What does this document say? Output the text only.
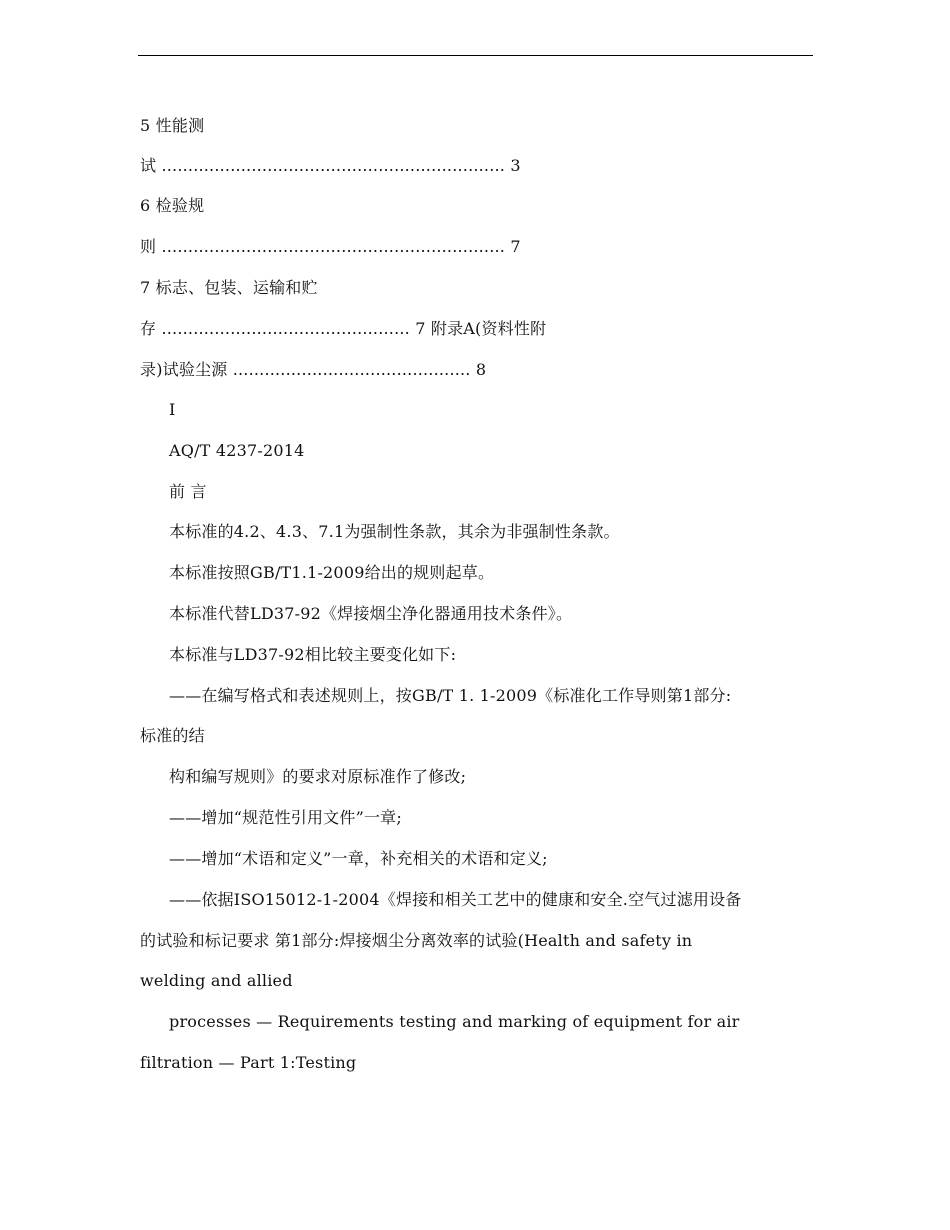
5 性能测
试 ................................................................. 3
6 检验规
则 ................................................................. 7
7 标志、包装、运输和贮
存 ............................................... 7 附录A(资料性附
录)试验尘源 ............................................. 8
I
AQ/T 4237-2014
前 言
本标准的4.2、4.3、7.1为强制性条款，其余为非强制性条款。
本标准按照GB/T1.1-2009给出的规则起草。
本标准代替LD37-92《焊接烟尘净化器通用技术条件》。
本标准与LD37-92相比较主要变化如下:
——在编写格式和表述规则上，按GB/T 1. 1-2009《标准化工作导则第1部分:
标准的结
构和编写规则》的要求对原标准作了修改;
——增加“规范性引用文件”一章;
——增加“术语和定义”一章，补充相关的术语和定义;
——依据ISO15012-1-2004《焊接和相关工艺中的健康和安全.空气过滤用设备
的试验和标记要求 第1部分:焊接烟尘分离效率的试验(Health and safety in
welding and allied
processes — Requirements testing and marking of equipment for air
filtration — Part 1:Testing
